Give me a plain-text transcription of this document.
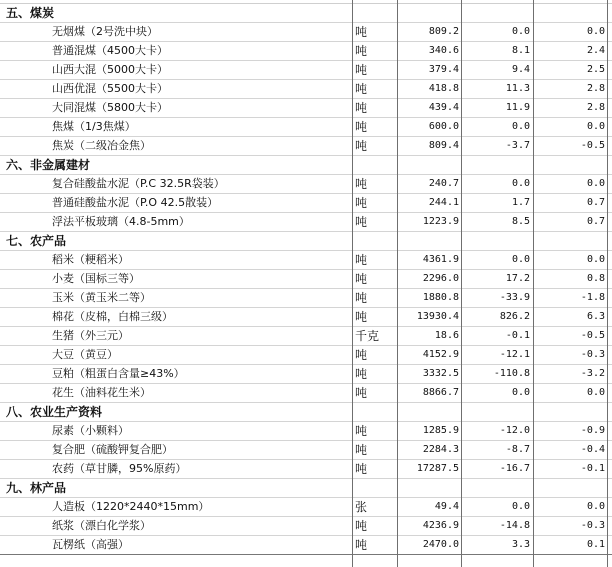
五、煤炭
无烟煤（2号洗中块）	吨	809.2	0.0	0.0
普通混煤（4500大卡）	吨	340.6	8.1	2.4
山西大混（5000大卡）	吨	379.4	9.4	2.5
山西优混（5500大卡）	吨	418.8	11.3	2.8
大同混煤（5800大卡）	吨	439.4	11.9	2.8
焦煤（1/3焦煤）	吨	600.0	0.0	0.0
焦炭（二级冶金焦）	吨	809.4	-3.7	-0.5
六、非金属建材
复合硅酸盐水泥（P.C 32.5R袋装）	吨	240.7	0.0	0.0
普通硅酸盐水泥（P.O 42.5散装）	吨	244.1	1.7	0.7
浮法平板玻璃（4.8-5mm）	吨	1223.9	8.5	0.7
七、农产品
稻米（粳稻米）	吨	4361.9	0.0	0.0
小麦（国标三等）	吨	2296.0	17.2	0.8
玉米（黄玉米二等）	吨	1880.8	-33.9	-1.8
棉花（皮棉，白棉三级）	吨	13930.4	826.2	6.3
生猪（外三元）	千克	18.6	-0.1	-0.5
大豆（黄豆）	吨	4152.9	-12.1	-0.3
豆粕（粗蛋白含量≥43%）	吨	3332.5	-110.8	-3.2
花生（油料花生米）	吨	8866.7	0.0	0.0
八、农业生产资料
尿素（小颗料）	吨	1285.9	-12.0	-0.9
复合肥（硫酸钾复合肥）	吨	2284.3	-8.7	-0.4
农药（草甘膦，95%原药）	吨	17287.5	-16.7	-0.1
九、林产品
人造板（1220*2440*15mm）	张	49.4	0.0	0.0
纸浆（漂白化学浆）	吨	4236.9	-14.8	-0.3
瓦楞纸（高强）	吨	2470.0	3.3	0.1
